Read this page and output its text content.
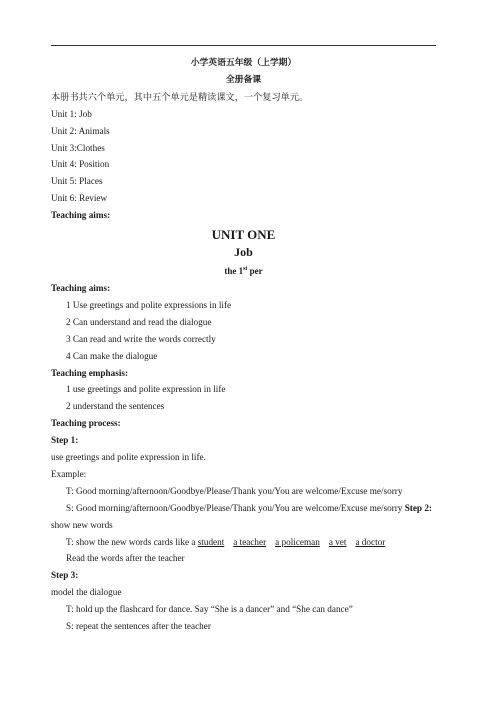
小学英语五年级（上学期）
全册备课
本册书共六个单元，其中五个单元是精读课文，一个复习单元。
Unit 1: Job
Unit 2: Animals
Unit 3:Clothes
Unit 4: Position
Unit 5: Places
Unit 6: Review
Teaching aims:
UNIT ONE
Job
the 1st per
Teaching aims:
1 Use greetings and polite expressions in life
2 Can understand and read the dialogue
3 Can read and write the words correctly
4 Can make the dialogue
Teaching emphasis:
1 use greetings and polite expression in life
2 understand the sentences
Teaching process:
Step 1:
use greetings and polite expression in life.
Example:
T: Good morning/afternoon/Goodbye/Please/Thank you/You are welcome/Excuse me/sorry
S: Good morning/afternoon/Goodbye/Please/Thank you/You are welcome/Excuse me/sorry Step 2:
show new words
T: show the new words cards like a student a teacher a policeman a vet a doctor
Read the words after the teacher
Step 3:
model the dialogue
T: hold up the flashcard for dance. Say “She is a dancer” and “She can dance”
S: repeat the sentences after the teacher
